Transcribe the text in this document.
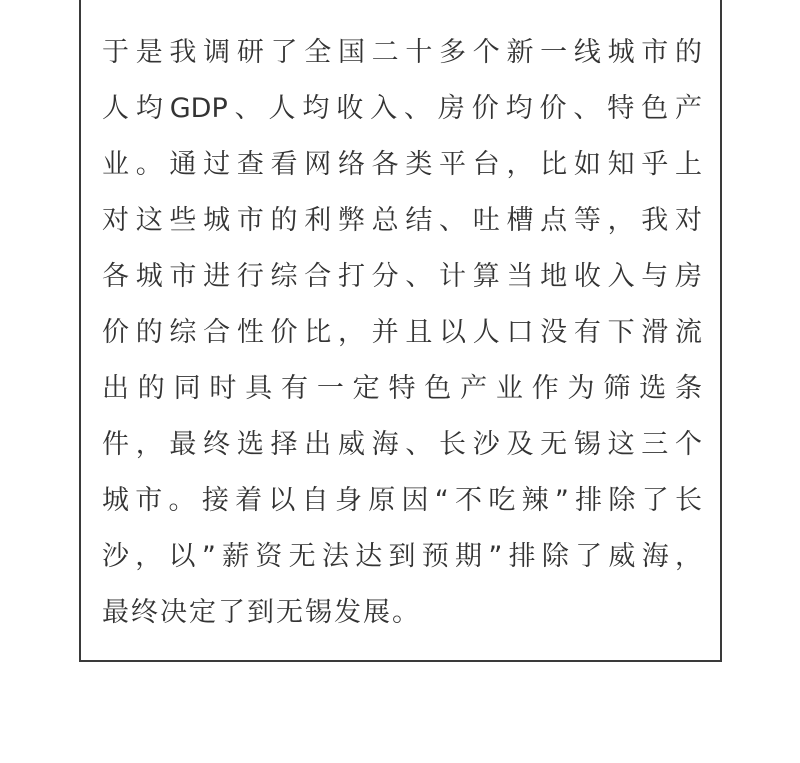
于是我调研了全国二十多个新一线城市的
人均GDP、人均收入、房价均价、特色产
业。通过查看网络各类平台，比如知乎上
对这些城市的利弊总结、吐槽点等，我对
各城市进行综合打分、计算当地收入与房
价的综合性价比，并且以人口没有下滑流
出的同时具有一定特色产业作为筛选条
件，最终选择出威海、长沙及无锡这三个
城市。接着以自身原因“不吃辣”排除了长
沙，以”薪资无法达到预期”排除了威海，
最终决定了到无锡发展。
